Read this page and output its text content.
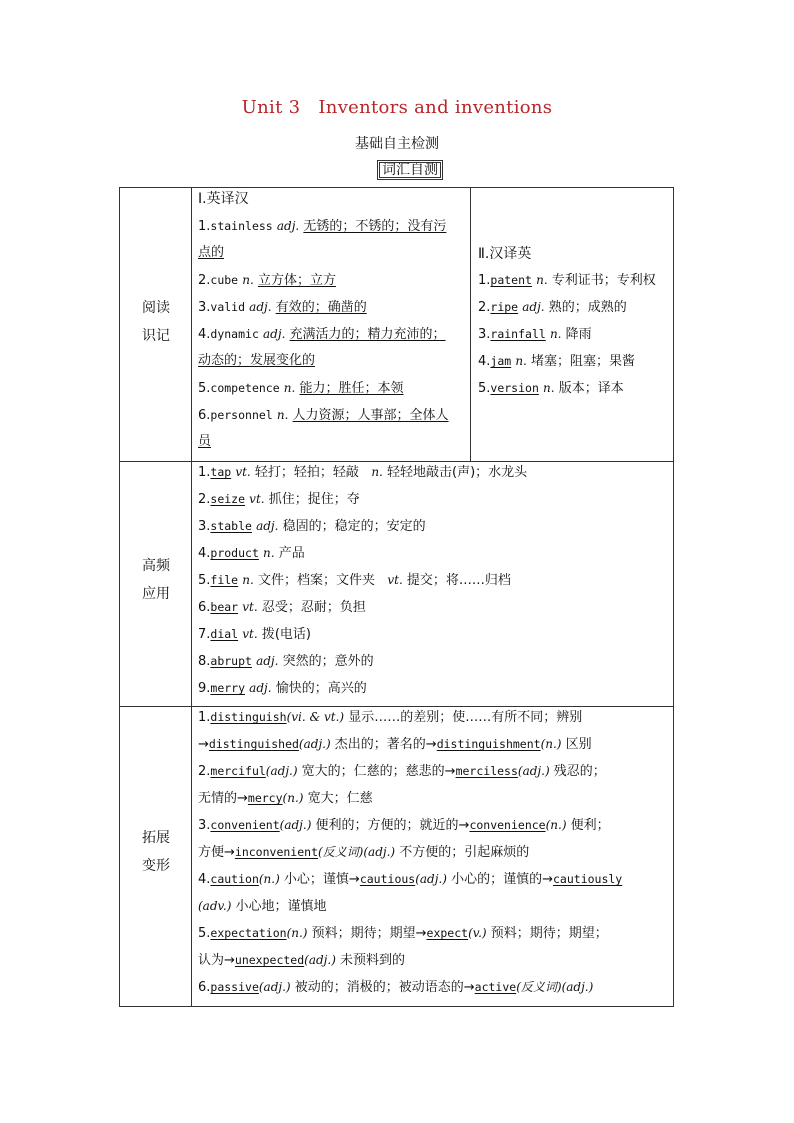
Unit 3 Inventors and inventions
基础自主检测
词汇自测
阅读
识记
高频
应用
拓展
变形
Ⅰ.英译汉
1.stainless adj. 无锈的；不锈的；没有污
点的
2.cube n. 立方体；立方
3.valid adj. 有效的；确凿的
4.dynamic adj. 充满活力的；精力充沛的；
动态的；发展变化的
5.competence n. 能力；胜任；本领
6.personnel n. 人力资源；人事部；全体人
员
Ⅱ.汉译英
1.patent n. 专利证书；专利权
2.ripe adj. 熟的；成熟的
3.rainfall n. 降雨
4.jam n. 堵塞；阻塞；果酱
5.version n. 版本；译本
1.tap vt. 轻打；轻拍；轻敲 n. 轻轻地敲击(声)；水龙头
2.seize vt. 抓住；捉住；夺
3.stable adj. 稳固的；稳定的；安定的
4.product n. 产品
5.file n. 文件；档案；文件夹 vt. 提交；将……归档
6.bear vt. 忍受；忍耐；负担
7.dial vt. 拨(电话)
8.abrupt adj. 突然的；意外的
9.merry adj. 愉快的；高兴的
1.distinguish(vi. & vt.) 显示……的差别；使……有所不同；辨别
→distinguished(adj.) 杰出的；著名的→distinguishment(n.) 区别
2.merciful(adj.) 宽大的；仁慈的；慈悲的→merciless(adj.) 残忍的；
无情的→mercy(n.) 宽大；仁慈
3.convenient(adj.) 便利的；方便的；就近的→convenience(n.) 便利；
方便→inconvenient(反义词)(adj.) 不方便的；引起麻烦的
4.caution(n.) 小心；谨慎→cautious(adj.) 小心的；谨慎的→cautiously
(adv.) 小心地；谨慎地
5.expectation(n.) 预料；期待；期望→expect(v.) 预料；期待；期望；
认为→unexpected(adj.) 未预料到的
6.passive(adj.) 被动的；消极的；被动语态的→active(反义词)(adj.)
